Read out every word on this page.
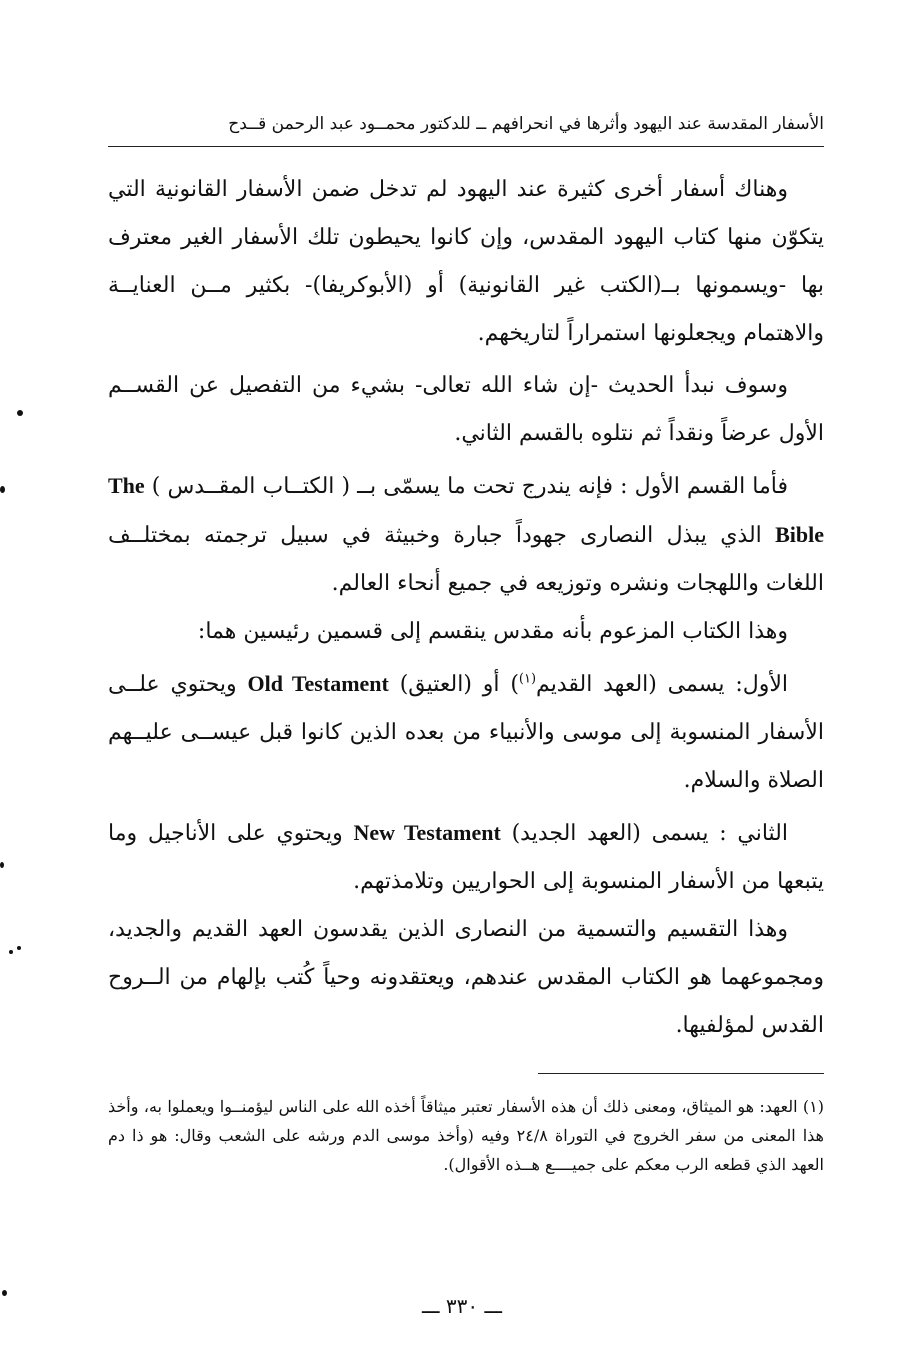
الأسفار المقدسة عند اليهود وأثرها في انحرافهم ــ للدكتور محمــود عبد الرحمن قــدح

وهناك أسفار أخرى كثيرة عند اليهود لم تدخل ضمن الأسفار القانونية التي يتكوّن منها كتاب اليهود المقدس، وإن كانوا يحيطون تلك الأسفار الغير معترف بها -ويسمونها بــ(الكتب غير القانونية) أو (الأبوكريفا)- بكثير مــن العنايــة والاهتمام ويجعلونها استمراراً لتاريخهم.

وسوف نبدأ الحديث -إن شاء الله تعالى- بشيء من التفصيل عن القســم الأول عرضاً ونقداً ثم نتلوه بالقسم الثاني.

فأما القسم الأول : فإنه يندرج تحت ما يسمّى بــ ( الكتــاب المقــدس ) The Bible الذي يبذل النصارى جهوداً جبارة وخبيثة في سبيل ترجمته بمختلــف اللغات واللهجات ونشره وتوزيعه في جميع أنحاء العالم.

وهذا الكتاب المزعوم بأنه مقدس ينقسم إلى قسمين رئيسين هما:

الأول: يسمى (العهد القديم$^{(١)}$) أو (العتيق) Old Testament ويحتوي علــى الأسفار المنسوبة إلى موسى والأنبياء من بعده الذين كانوا قبل عيســى عليــهم الصلاة والسلام.

الثاني : يسمى (العهد الجديد) New Testament ويحتوي على الأناجيل وما يتبعها من الأسفار المنسوبة إلى الحواريين وتلامذتهم.

وهذا التقسيم والتسمية من النصارى الذين يقدسون العهد القديم والجديد، ومجموعهما هو الكتاب المقدس عندهم، ويعتقدونه وحياً كُتب بإلهام من الــروح القدس لمؤلفيها.

(١) العهد: هو الميثاق، ومعنى ذلك أن هذه الأسفار تعتبر ميثاقاً أخذه الله على الناس ليؤمنــوا ويعملوا به، وأخذ هذا المعنى من سفر الخروج في التوراة ٢٤/٨ وفيه (وأخذ موسى الدم ورشه على الشعب وقال: هو ذا دم العهد الذي قطعه الرب معكم على جميــــع هــذه الأقوال).

ـــ ٣٣٠ ـــ
